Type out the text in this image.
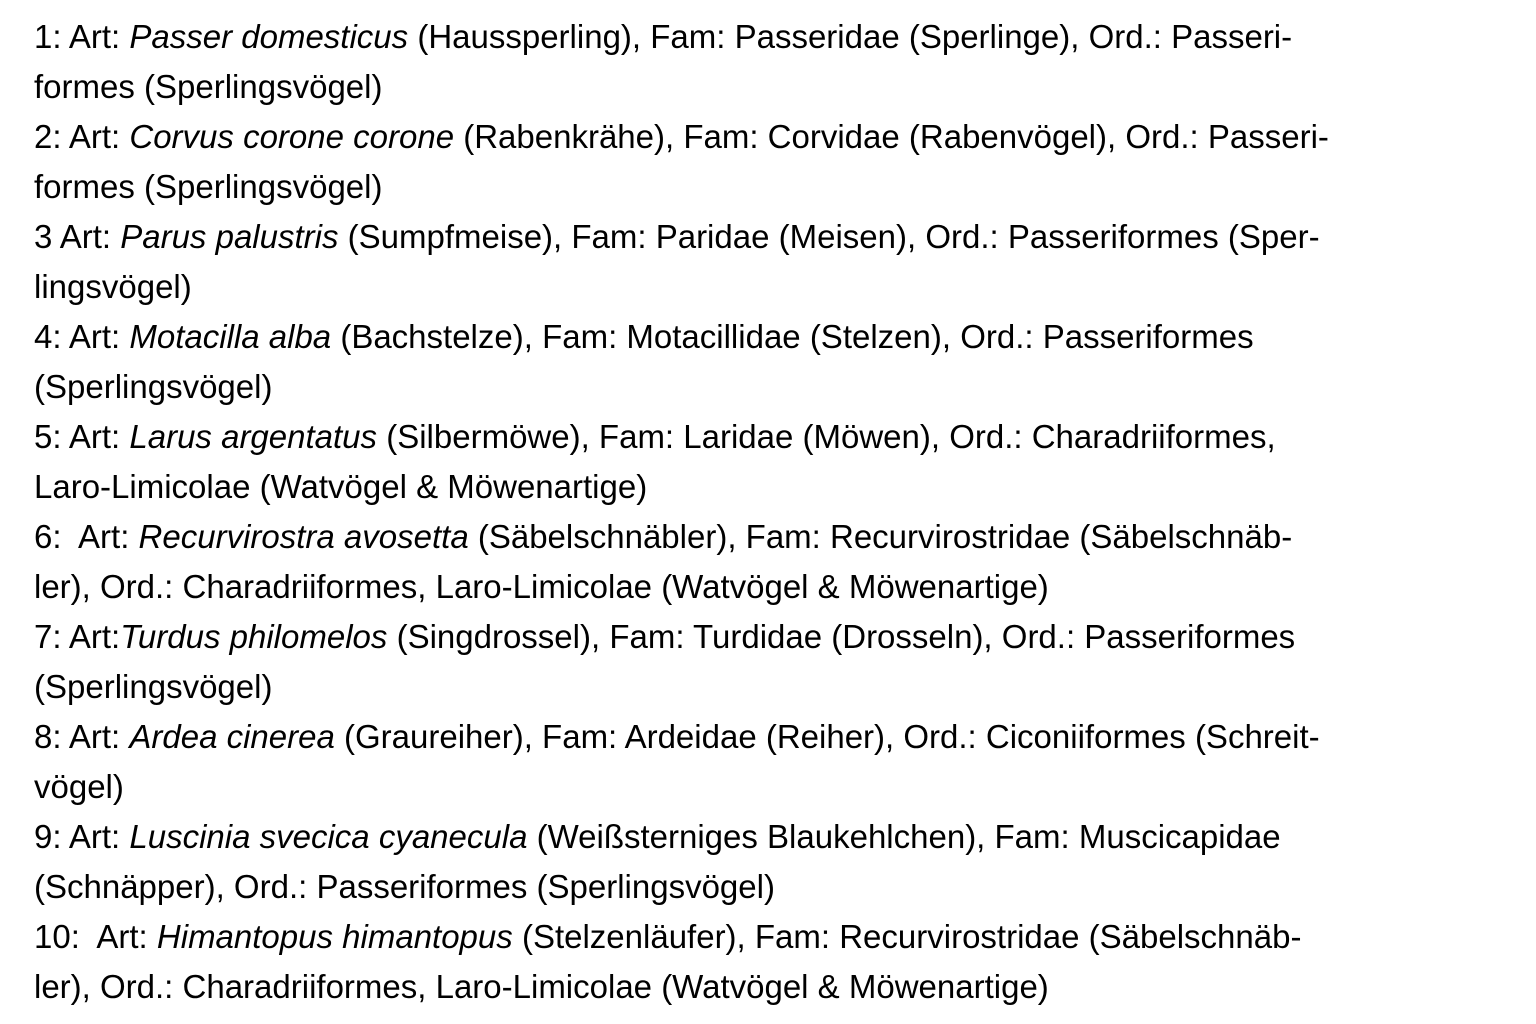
1: Art: Passer domesticus (Haussperling), Fam: Passeridae (Sperlinge), Ord.: Passeri-
formes (Sperlingsvögel)

2: Art: Corvus corone corone (Rabenkrähe), Fam: Corvidae (Rabenvögel), Ord.: Passeri-
formes (Sperlingsvögel)

3 Art: Parus palustris (Sumpfmeise), Fam: Paridae (Meisen), Ord.: Passeriformes (Sper-
lingsvögel)

4: Art: Motacilla alba (Bachstelze), Fam: Motacillidae (Stelzen), Ord.: Passeriformes
(Sperlingsvögel)

5: Art: Larus argentatus (Silbermöwe), Fam: Laridae (Möwen), Ord.: Charadriiformes,
Laro-Limicolae (Watvögel & Möwenartige)

6:  Art: Recurvirostra avosetta (Säbelschnäbler), Fam: Recurvirostridae (Säbelschnäb-
ler), Ord.: Charadriiformes, Laro-Limicolae (Watvögel & Möwenartige)

7: Art:Turdus philomelos (Singdrossel), Fam: Turdidae (Drosseln), Ord.: Passeriformes
(Sperlingsvögel)

8: Art: Ardea cinerea (Graureiher), Fam: Ardeidae (Reiher), Ord.: Ciconiiformes (Schreit-
vögel)

9: Art: Luscinia svecica cyanecula (Weißsterniges Blaukehlchen), Fam: Muscicapidae
(Schnäpper), Ord.: Passeriformes (Sperlingsvögel)

10:  Art: Himantopus himantopus (Stelzenläufer), Fam: Recurvirostridae (Säbelschnäb-
ler), Ord.: Charadriiformes, Laro-Limicolae (Watvögel & Möwenartige)
